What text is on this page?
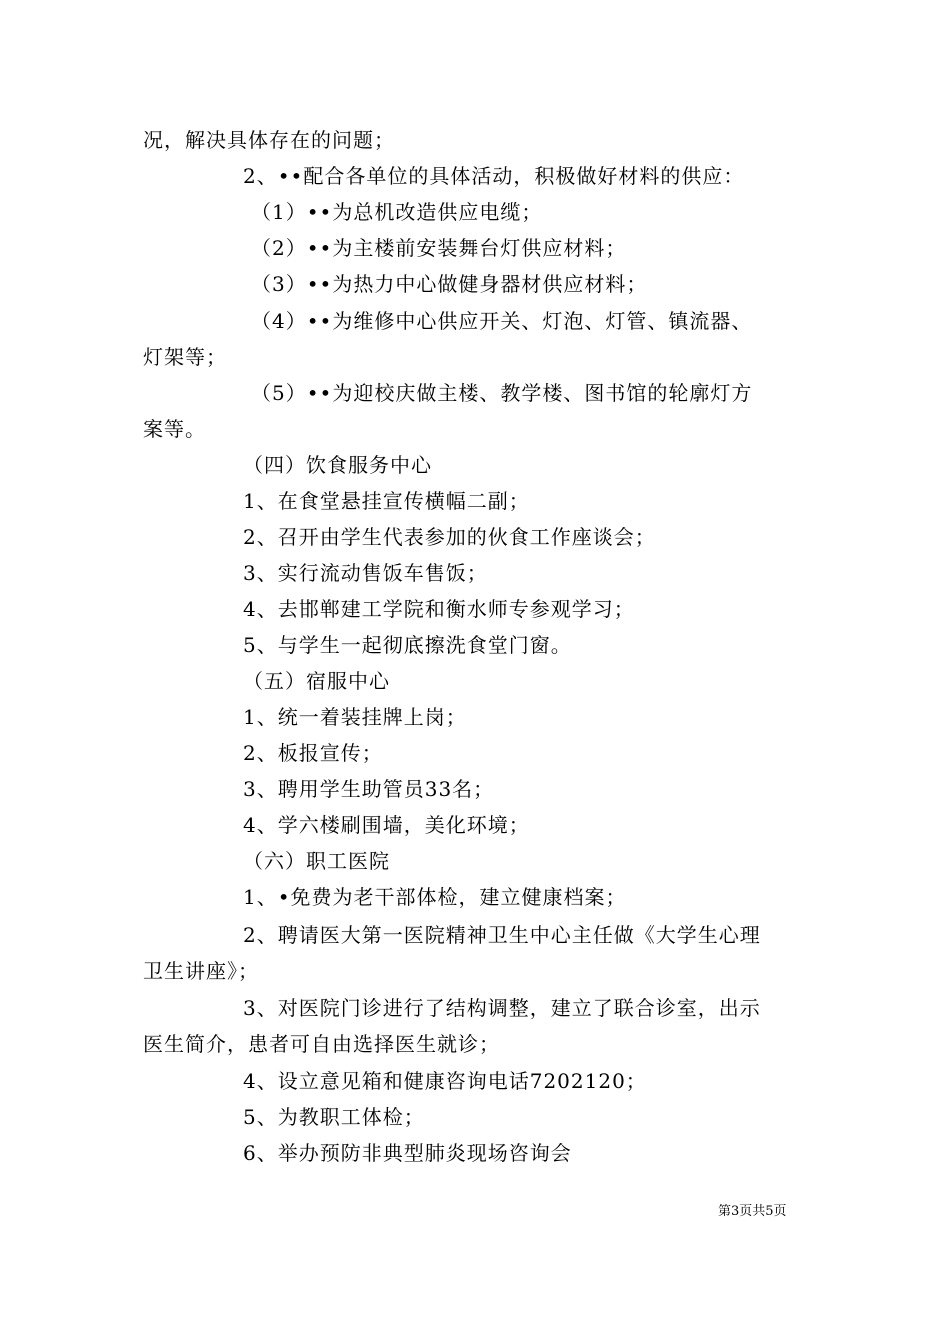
况，解决具体存在的问题；
2、••配合各单位的具体活动，积极做好材料的供应：
（1）••为总机改造供应电缆；
（2）••为主楼前安装舞台灯供应材料；
（3）••为热力中心做健身器材供应材料；
（4）••为维修中心供应开关、灯泡、灯管、镇流器、
灯架等；
（5）••为迎校庆做主楼、教学楼、图书馆的轮廓灯方
案等。
（四）饮食服务中心
1、在食堂悬挂宣传横幅二副；
2、召开由学生代表参加的伙食工作座谈会；
3、实行流动售饭车售饭；
4、去邯郸建工学院和衡水师专参观学习；
5、与学生一起彻底擦洗食堂门窗。
（五）宿服中心
1、统一着装挂牌上岗；
2、板报宣传；
3、聘用学生助管员33名；
4、学六楼刷围墙，美化环境；
（六）职工医院
1、•免费为老干部体检，建立健康档案；
2、聘请医大第一医院精神卫生中心主任做《大学生心理
卫生讲座》；
3、对医院门诊进行了结构调整，建立了联合诊室，出示
医生简介，患者可自由选择医生就诊；
4、设立意见箱和健康咨询电话7202120；
5、为教职工体检；
6、举办预防非典型肺炎现场咨询会
第3页共5页
